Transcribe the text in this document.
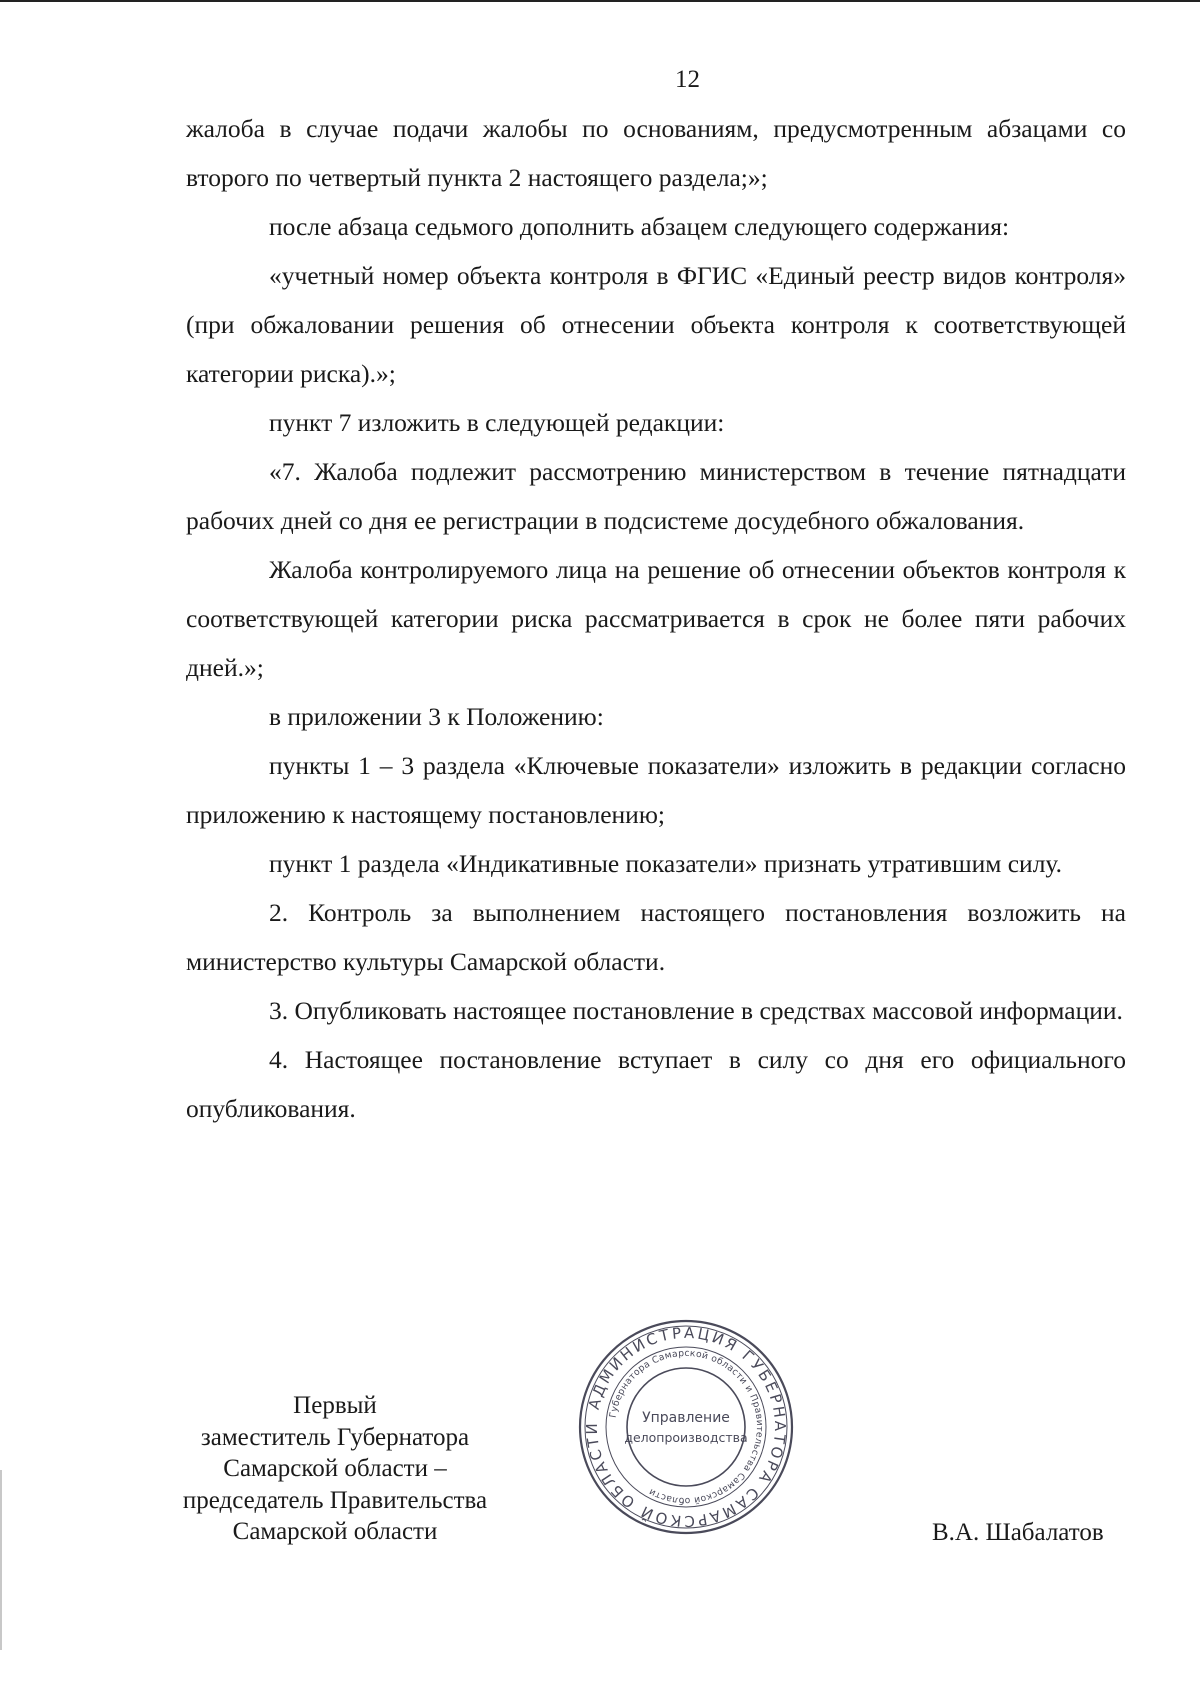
12

жалоба в случае подачи жалобы по основаниям, предусмотренным абзацами со второго по четвертый пункта 2 настоящего раздела;»;

после абзаца седьмого дополнить абзацем следующего содержания:

«учетный номер объекта контроля в ФГИС «Единый реестр видов контроля» (при обжаловании решения об отнесении объекта контроля к соответствующей категории риска).»;

пункт 7 изложить в следующей редакции:

«7. Жалоба подлежит рассмотрению министерством в течение пятнадцати рабочих дней со дня ее регистрации в подсистеме досудебного обжалования.

Жалоба контролируемого лица на решение об отнесении объектов контроля к соответствующей категории риска рассматривается в срок не более пяти рабочих дней.»;

в приложении 3 к Положению:

пункты 1 – 3 раздела «Ключевые показатели» изложить в редакции согласно приложению к настоящему постановлению;

пункт 1 раздела «Индикативные показатели» признать утратившим силу.

2. Контроль за выполнением настоящего постановления возложить на министерство культуры Самарской области.

3. Опубликовать настоящее постановление в средствах массовой информации.

4. Настоящее постановление вступает в силу со дня его официального опубликования.

Первый
заместитель Губернатора
Самарской области –
председатель Правительства
Самарской области
АДМИНИСТРАЦИЯ ГУБЕРНАТОРА САМАРСКОЙ ОБЛАСТИ
Губернатора Самарской области и Правительства Самарской области
Управление
делопроизводства
В.А. Шабалатов
